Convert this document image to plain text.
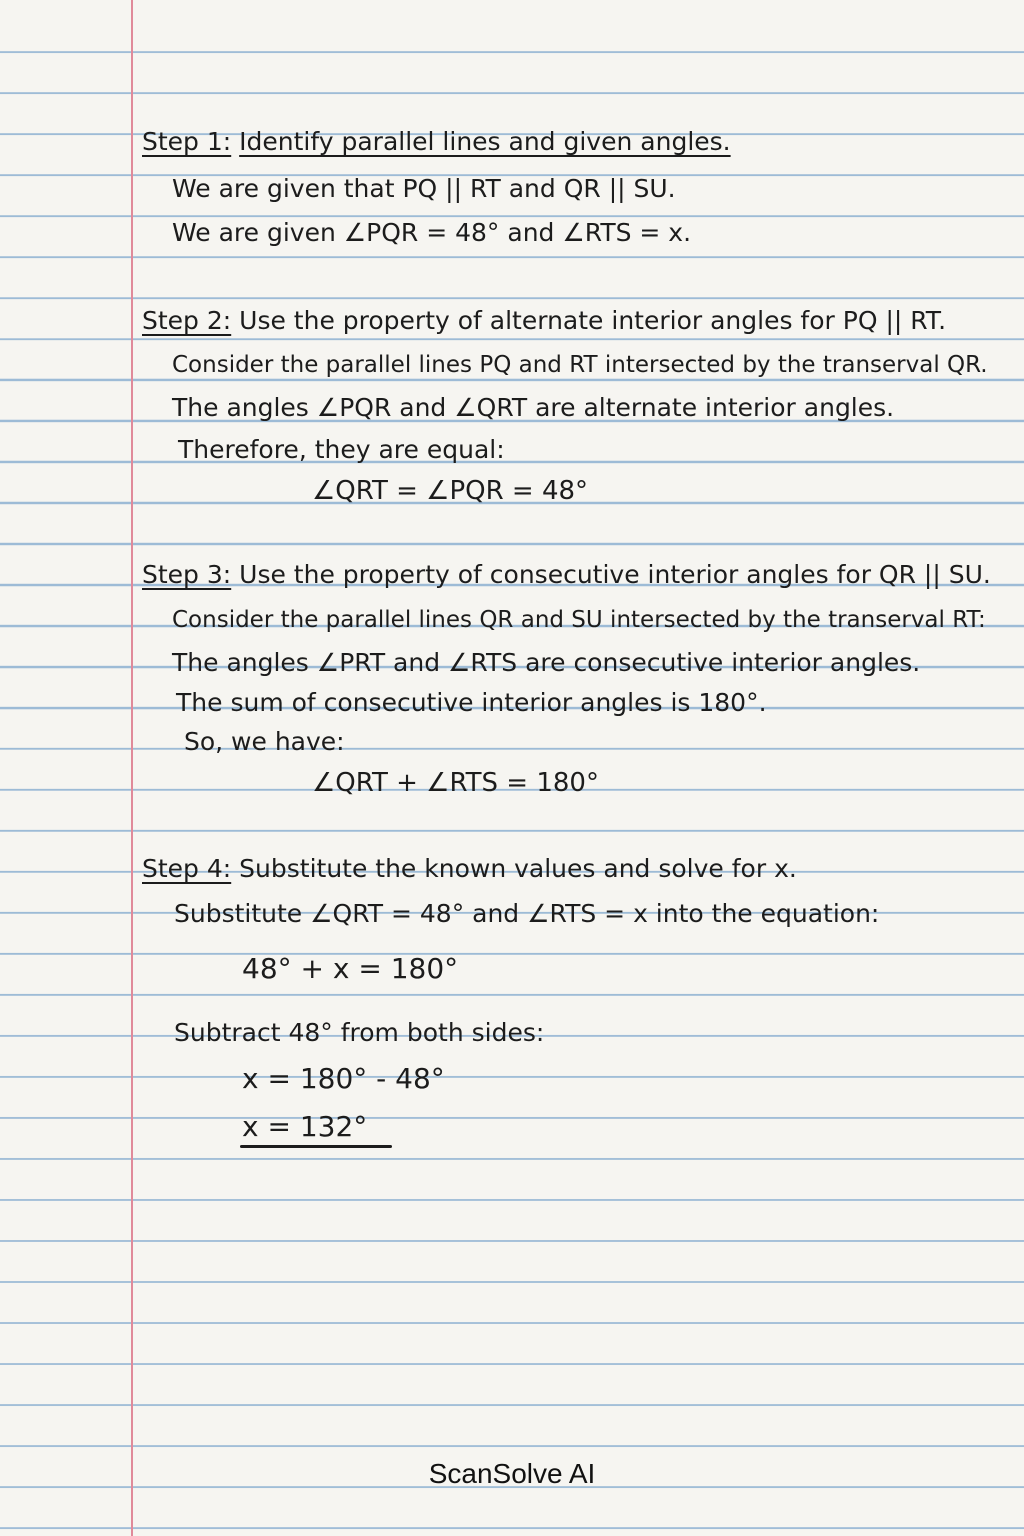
Step 1: Identify parallel lines and given angles.
We are given that PQ || RT and QR || SU.
We are given ∠PQR = 48° and ∠RTS = x.
Step 2: Use the property of alternate interior angles for PQ || RT.
Consider the parallel lines PQ and RT intersected by the transerval QR.
The angles ∠PQR and ∠QRT are alternate interior angles.
Therefore, they are equal:
∠QRT = ∠PQR = 48°
Step 3: Use the property of consecutive interior angles for QR || SU.
Consider the parallel lines QR and SU intersected by the transerval RT:
The angles ∠PRT and ∠RTS are consecutive interior angles.
The sum of consecutive interior angles is 180°.
So, we have:
∠QRT + ∠RTS = 180°
Step 4: Substitute the known values and solve for x.
Substitute ∠QRT = 48° and ∠RTS = x into the equation:
48° + x = 180°
Subtract 48° from both sides:
x = 180° - 48°
x = 132°
ScanSolve AI
